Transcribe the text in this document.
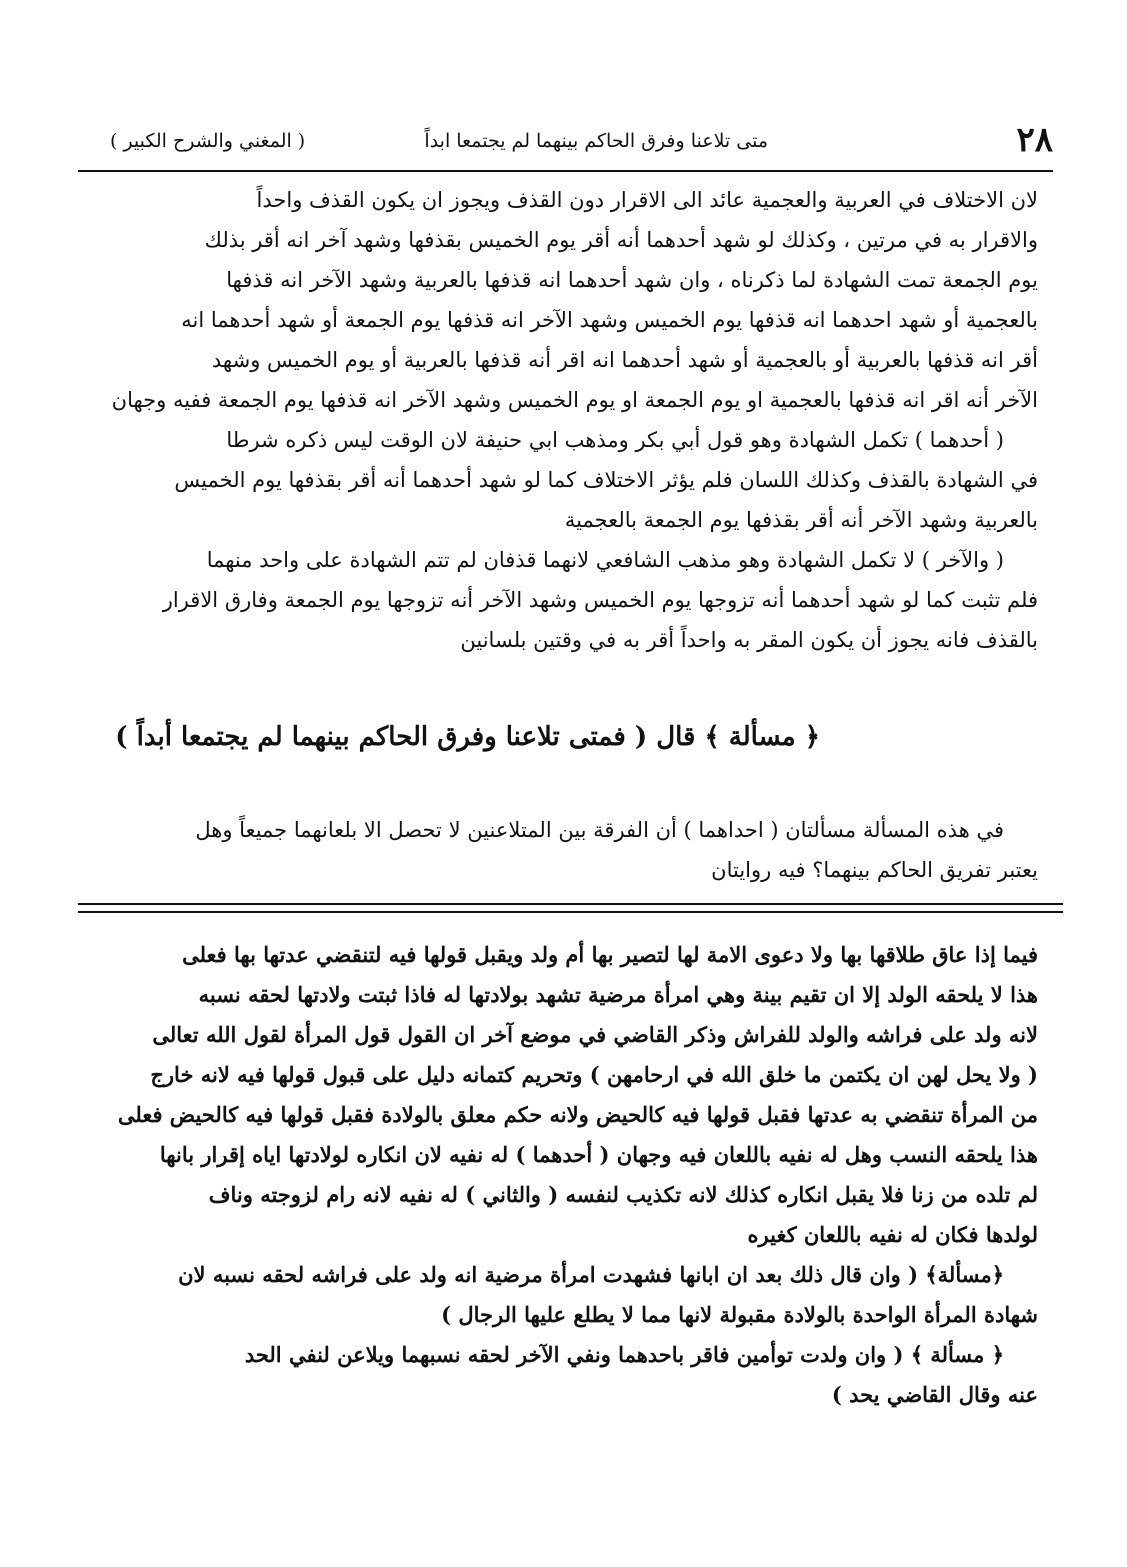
٢٨
متى تلاعنا وفرق الحاكم بينهما لم يجتمعا ابداً
( المغني والشرح الكبير )
لان الاختلاف في العربية والعجمية عائد الى الاقرار دون القذف ويجوز ان يكون القذف واحداً
والاقرار به في مرتين ، وكذلك لو شهد أحدهما أنه أقر يوم الخميس بقذفها وشهد آخر انه أقر بذلك
يوم الجمعة تمت الشهادة لما ذكرناه ، وان شهد أحدهما انه قذفها بالعربية وشهد الآخر انه قذفها
بالعجمية أو شهد احدهما انه قذفها يوم الخميس وشهد الآخر انه قذفها يوم الجمعة أو شهد أحدهما انه
أقر انه قذفها بالعربية أو بالعجمية أو شهد أحدهما انه اقر أنه قذفها بالعربية أو يوم الخميس وشهد
الآخر أنه اقر انه قذفها بالعجمية او يوم الجمعة او يوم الخميس وشهد الآخر انه قذفها يوم الجمعة ففيه وجهان
( أحدهما ) تكمل الشهادة وهو قول أبي بكر ومذهب ابي حنيفة لان الوقت ليس ذكره شرطا
في الشهادة بالقذف وكذلك اللسان فلم يؤثر الاختلاف كما لو شهد أحدهما أنه أقر بقذفها يوم الخميس
بالعربية وشهد الآخر أنه أقر بقذفها يوم الجمعة بالعجمية
( والآخر ) لا تكمل الشهادة وهو مذهب الشافعي لانهما قذفان لم تتم الشهادة على واحد منهما
فلم تثبت كما لو شهد أحدهما أنه تزوجها يوم الخميس وشهد الآخر أنه تزوجها يوم الجمعة وفارق الاقرار
بالقذف فانه يجوز أن يكون المقر به واحداً أقر به في وقتين بلسانين
﴿ مسألة ﴾ قال ( فمتى تلاعنا وفرق الحاكم بينهما لم يجتمعا أبداً )
في هذه المسألة مسألتان ( احداهما ) أن الفرقة بين المتلاعنين لا تحصل الا بلعانهما جميعاً وهل
يعتبر تفريق الحاكم بينهما؟ فيه روايتان
فيما إذا عاق طلاقها بها ولا دعوى الامة لها لتصير بها أم ولد ويقبل قولها فيه لتنقضي عدتها بها فعلى
هذا لا يلحقه الولد إلا ان تقيم بينة وهي امرأة مرضية تشهد بولادتها له فاذا ثبتت ولادتها لحقه نسبه
لانه ولد على فراشه والولد للفراش وذكر القاضي في موضع آخر ان القول قول المرأة لقول الله تعالى
( ولا يحل لهن ان يكتمن ما خلق الله في ارحامهن ) وتحريم كتمانه دليل على قبول قولها فيه لانه خارج
من المرأة تنقضي به عدتها فقبل قولها فيه كالحيض ولانه حكم معلق بالولادة فقبل قولها فيه كالحيض فعلى
هذا يلحقه النسب وهل له نفيه باللعان فيه وجهان ( أحدهما ) له نفيه لان انكاره لولادتها اياه إقرار بانها
لم تلده من زنا فلا يقبل انكاره كذلك لانه تكذيب لنفسه ( والثاني ) له نفيه لانه رام لزوجته وناف
لولدها فكان له نفيه باللعان كغيره
﴿مسألة﴾ ( وان قال ذلك بعد ان ابانها فشهدت امرأة مرضية انه ولد على فراشه لحقه نسبه لان
شهادة المرأة الواحدة بالولادة مقبولة لانها مما لا يطلع عليها الرجال )
﴿ مسألة ﴾ ( وان ولدت توأمين فاقر باحدهما ونفي الآخر لحقه نسبهما ويلاعن لنفي الحد
عنه وقال القاضي يحد )
